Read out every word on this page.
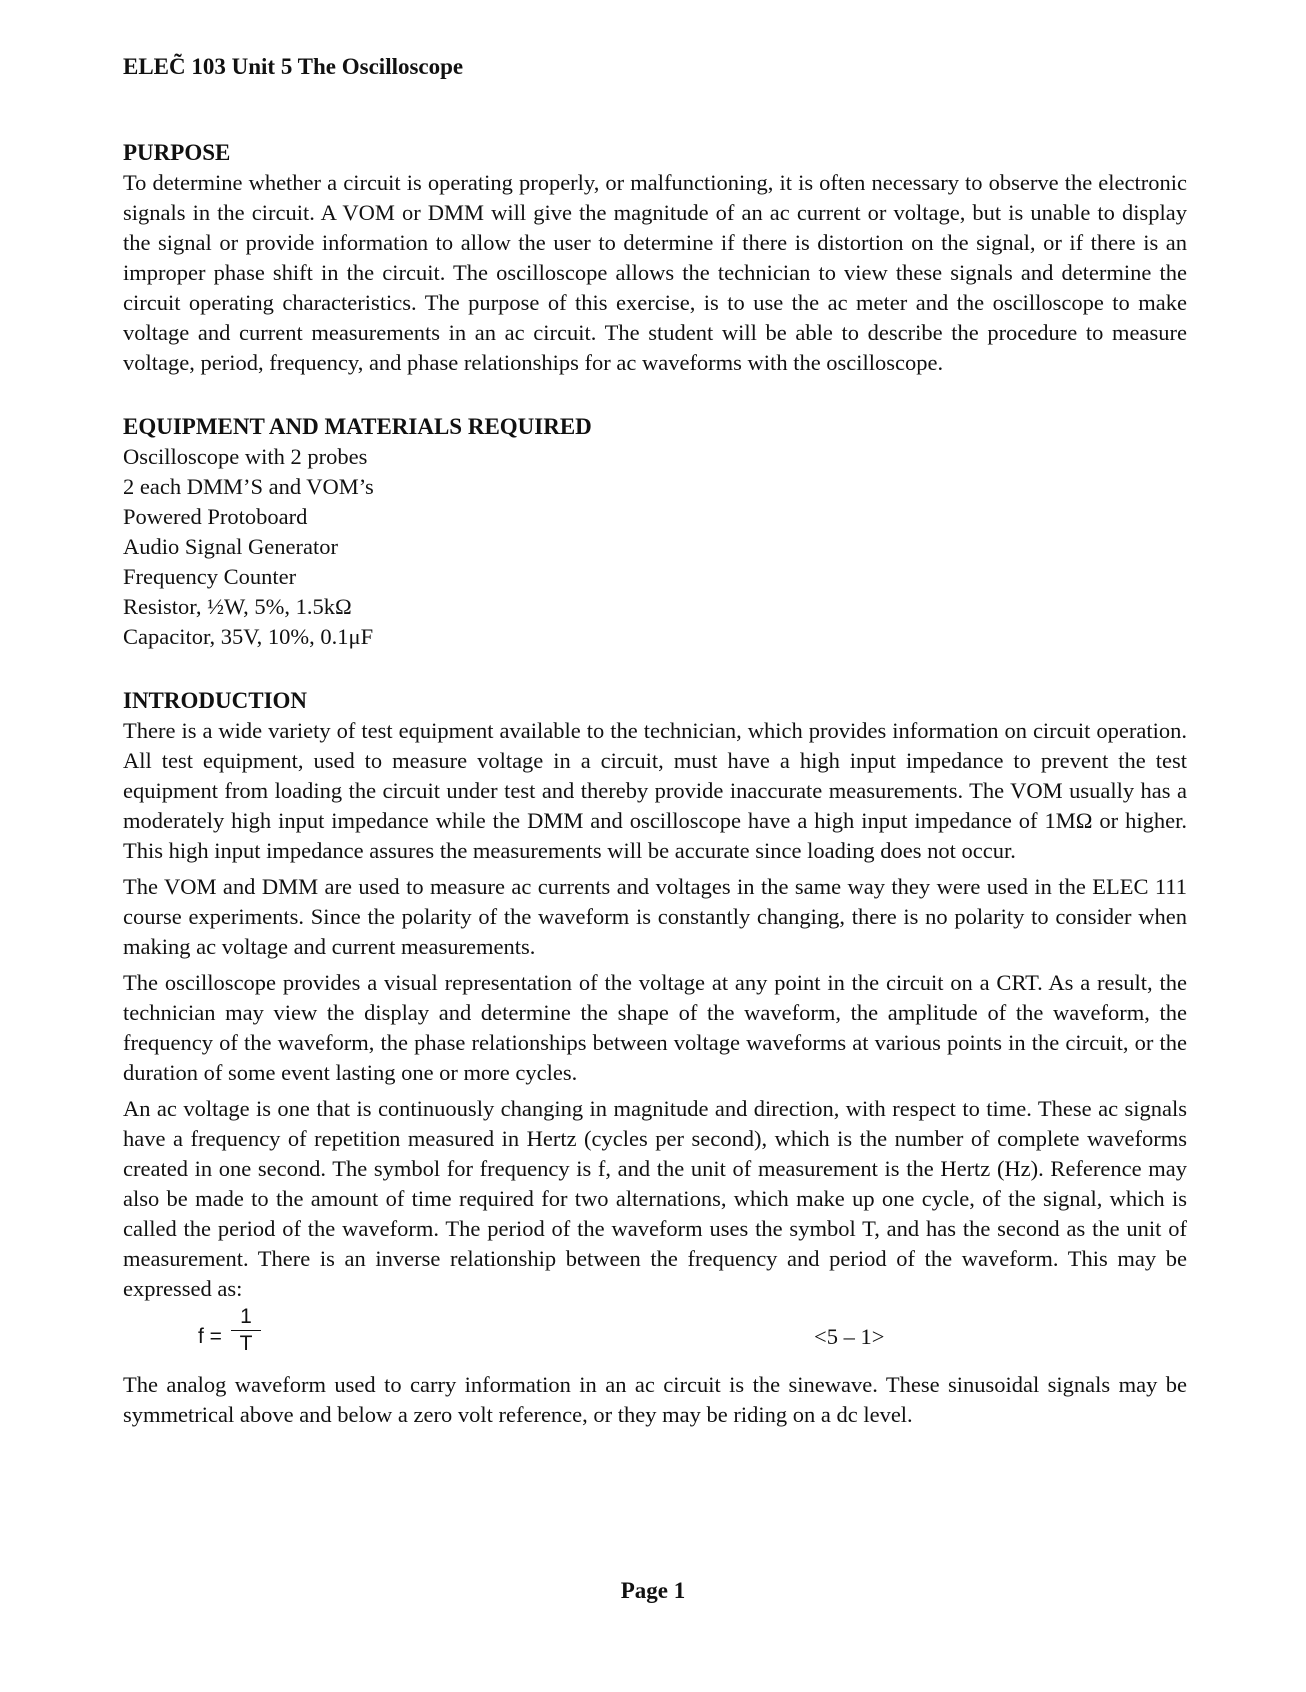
ELEC̃ 103 Unit 5 The Oscilloscope

PURPOSE

To determine whether a circuit is operating properly, or malfunctioning, it is often necessary to observe the electronic signals in the circuit. A VOM or DMM will give the magnitude of an ac current or voltage, but is unable to display the signal or provide information to allow the user to determine if there is distortion on the signal, or if there is an improper phase shift in the circuit. The oscilloscope allows the technician to view these signals and determine the circuit operating characteristics. The purpose of this exercise, is to use the ac meter and the oscilloscope to make voltage and current measurements in an ac circuit. The student will be able to describe the procedure to measure voltage, period, frequency, and phase relationships for ac waveforms with the oscilloscope.

EQUIPMENT AND MATERIALS REQUIRED

Oscilloscope with 2 probes
2 each DMM’S and VOM’s
Powered Protoboard
Audio Signal Generator
Frequency Counter
Resistor, ½W, 5%, 1.5kΩ
Capacitor, 35V, 10%, 0.1μF

INTRODUCTION

There is a wide variety of test equipment available to the technician, which provides information on circuit operation. All test equipment, used to measure voltage in a circuit, must have a high input impedance to prevent the test equipment from loading the circuit under test and thereby provide inaccurate measurements. The VOM usually has a moderately high input impedance while the DMM and oscilloscope have a high input impedance of 1MΩ or higher. This high input impedance assures the measurements will be accurate since loading does not occur.

The VOM and DMM are used to measure ac currents and voltages in the same way they were used in the ELEC 111 course experiments. Since the polarity of the waveform is constantly changing, there is no polarity to consider when making ac voltage and current measurements.

The oscilloscope provides a visual representation of the voltage at any point in the circuit on a CRT. As a result, the technician may view the display and determine the shape of the waveform, the amplitude of the waveform, the frequency of the waveform, the phase relationships between voltage waveforms at various points in the circuit, or the duration of some event lasting one or more cycles.

An ac voltage is one that is continuously changing in magnitude and direction, with respect to time. These ac signals have a frequency of repetition measured in Hertz (cycles per second), which is the number of complete waveforms created in one second. The symbol for frequency is f, and the unit of measurement is the Hertz (Hz). Reference may also be made to the amount of time required for two alternations, which make up one cycle, of the signal, which is called the period of the waveform. The period of the waveform uses the symbol T, and has the second as the unit of measurement. There is an inverse relationship between the frequency and period of the waveform. This may be expressed as:

$f = \frac{1}{T}$	<5 – 1>

The analog waveform used to carry information in an ac circuit is the sinewave. These sinusoidal signals may be symmetrical above and below a zero volt reference, or they may be riding on a dc level.

Page 1
